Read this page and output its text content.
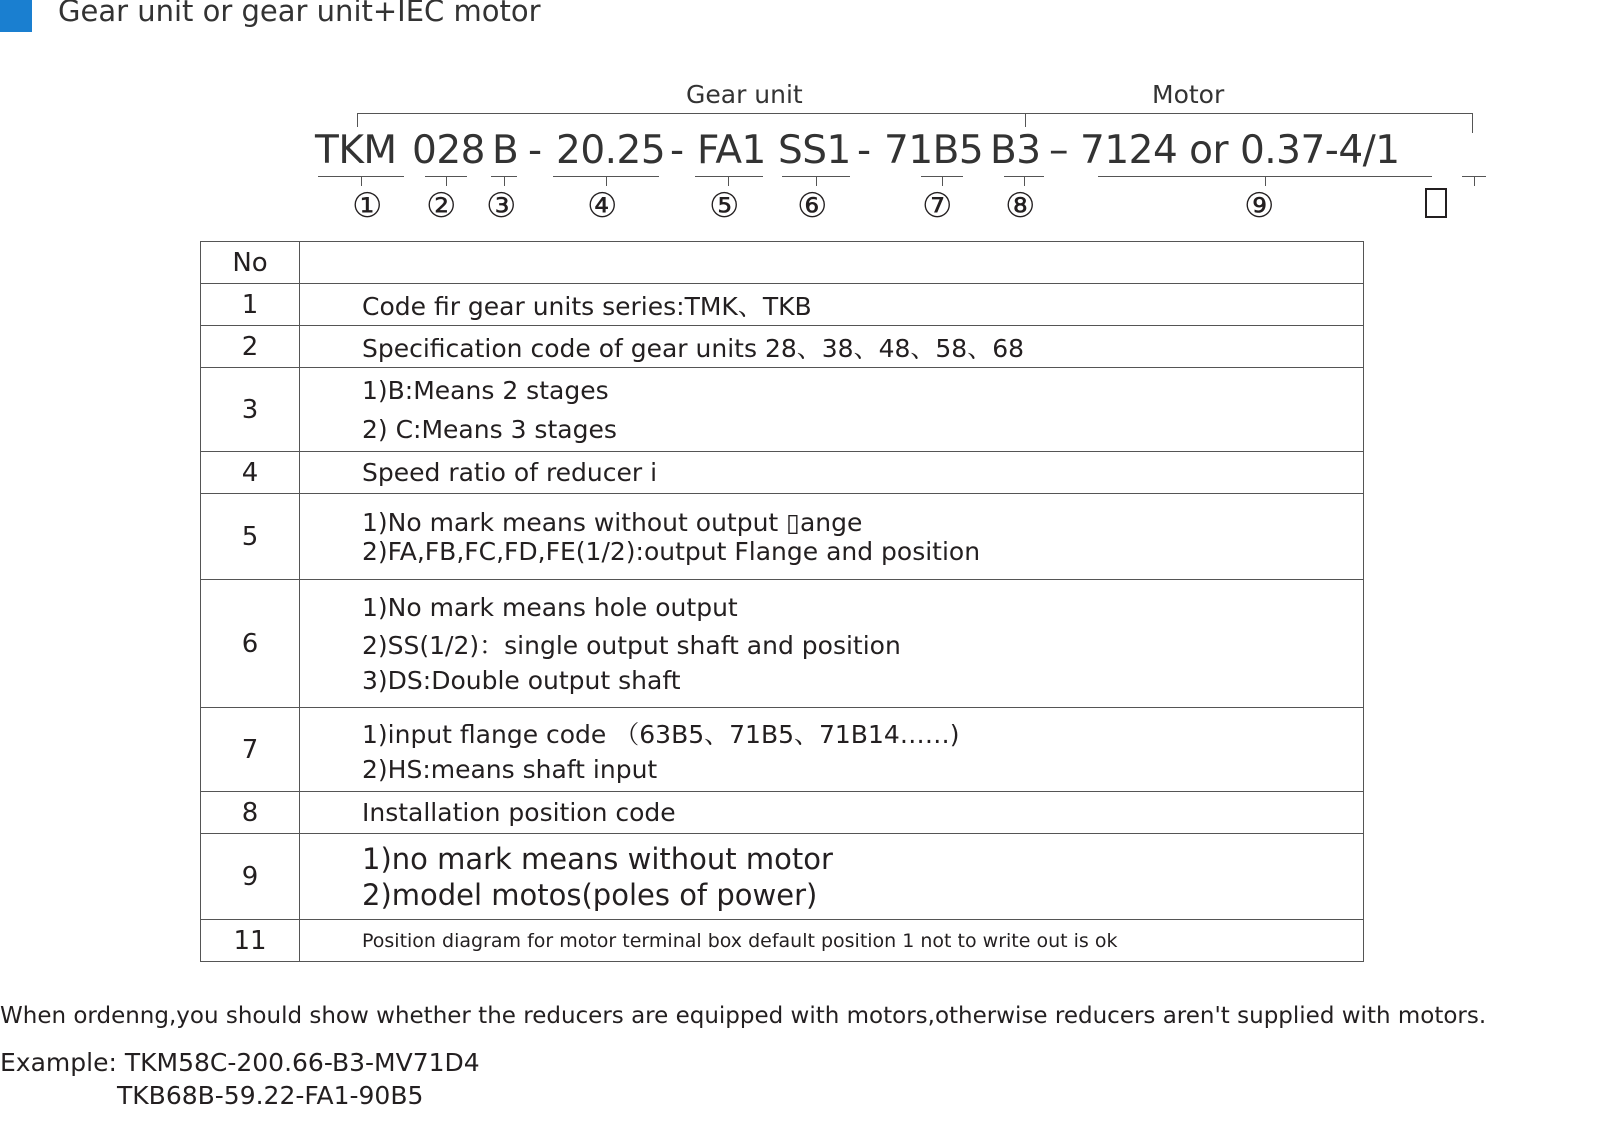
Gear unit or gear unit+IEC motor
Gear unit	Motor
TKM 028 B - 20.25 - FA1 SS1 - 71B5 B3 – 7124 or 0.37-4/1
① ② ③ ④	⑤ ⑥	⑦ ⑧	⑨
No	
1	Code fir gear units series:TMK、TKB

2	Specification code of gear units 28、38、48、58、68

3	1)B:Means 2 stages
2) C:Means 3 stages

4	Speed ratio of reducer i

5	1)No mark means without output ▯ange
2)FA,FB,FC,FD,FE(1/2):output Flange and position

6	1)No mark means hole output
2)SS(1/2)：single output shaft and position
3)DS:Double output shaft

7	1)input flange code （63B5、71B5、71B14……)
2)HS:means shaft input

8	Installation position code

9	1)no mark means without motor
2)model motos(poles of power)

11	Position diagram for motor terminal box default position 1 not to write out is ok
When ordenng,you should show whether the reducers are equipped with motors,otherwise reducers aren't supplied with motors.
Example: TKM58C-200.66-B3-MV71D4
TKB68B-59.22-FA1-90B5
